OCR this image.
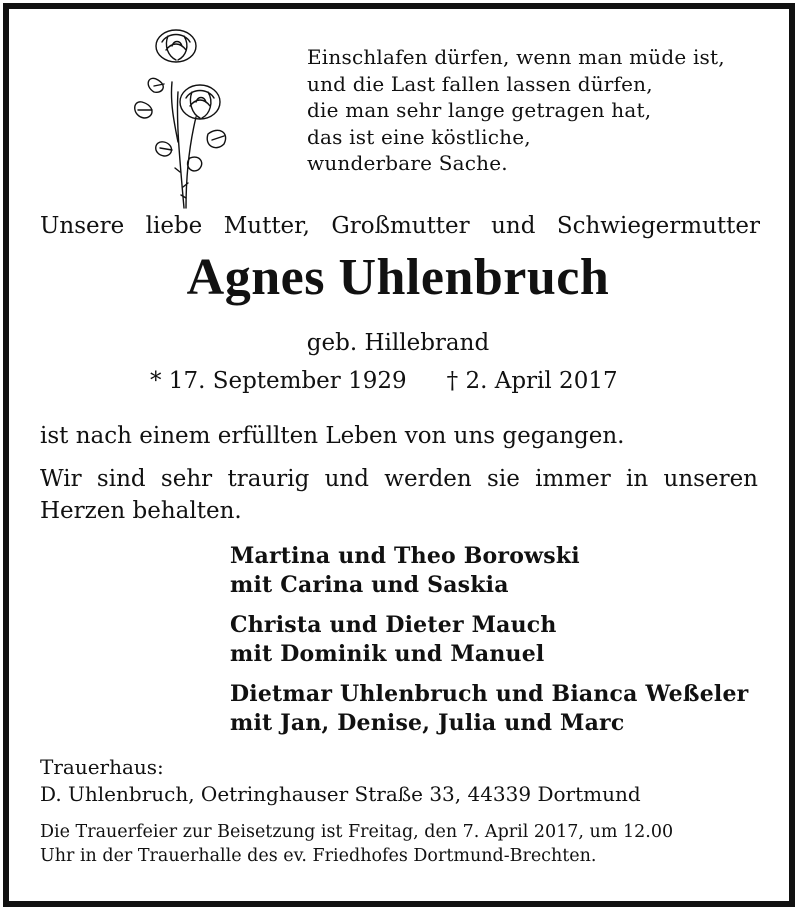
Einschlafen dürfen, wenn man müde ist,
und die Last fallen lassen dürfen,
die man sehr lange getragen hat,
das ist eine köstliche,
wunderbare Sache.
Unsere liebe Mutter, Großmutter und Schwiegermutter
Agnes Uhlenbruch
geb. Hillebrand
* 17. September 1929 † 2. April 2017
ist nach einem erfüllten Leben von uns gegangen.
Wir sind sehr traurig und werden sie immer in unseren
Herzen behalten.
Martina und Theo Borowski
mit Carina und Saskia
Christa und Dieter Mauch
mit Dominik und Manuel
Dietmar Uhlenbruch und Bianca Weßeler
mit Jan, Denise, Julia und Marc
Trauerhaus:
D. Uhlenbruch, Oetringhauser Straße 33, 44339 Dortmund
Die Trauerfeier zur Beisetzung ist Freitag, den 7. April 2017, um 12.00
Uhr in der Trauerhalle des ev. Friedhofes Dortmund-Brechten.
